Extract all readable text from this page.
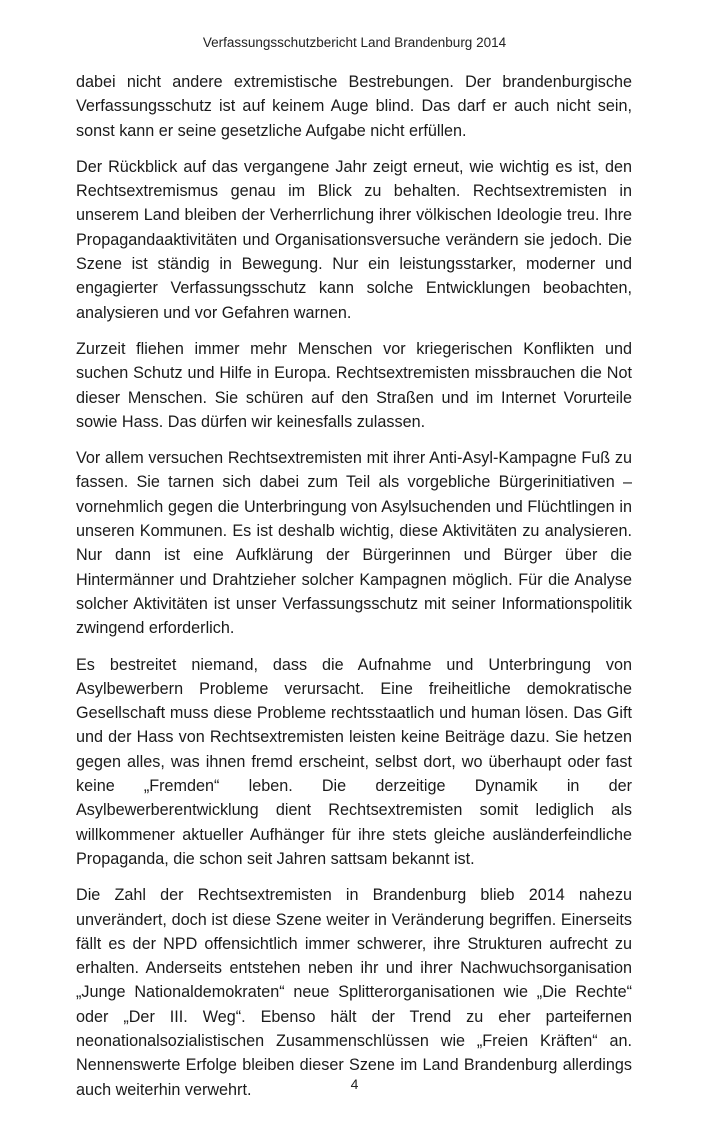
Verfassungsschutzbericht Land Brandenburg 2014

dabei nicht andere extremistische Bestrebungen. Der brandenburgische Verfassungsschutz ist auf keinem Auge blind. Das darf er auch nicht sein, sonst kann er seine gesetzliche Aufgabe nicht erfüllen.

Der Rückblick auf das vergangene Jahr zeigt erneut, wie wichtig es ist, den Rechtsextremismus genau im Blick zu behalten. Rechtsextremisten in unserem Land bleiben der Verherrlichung ihrer völkischen Ideologie treu. Ihre Propagandaaktivitäten und Organisationsversuche verändern sie jedoch. Die Szene ist ständig in Bewegung. Nur ein leistungsstarker, moderner und engagierter Verfassungsschutz kann solche Entwicklungen beobachten, analysieren und vor Gefahren warnen.

Zurzeit fliehen immer mehr Menschen vor kriegerischen Konflikten und suchen Schutz und Hilfe in Europa. Rechtsextremisten missbrauchen die Not dieser Menschen. Sie schüren auf den Straßen und im Internet Vorurteile sowie Hass. Das dürfen wir keinesfalls zulassen.

Vor allem versuchen Rechtsextremisten mit ihrer Anti-Asyl-Kampagne Fuß zu fassen. Sie tarnen sich dabei zum Teil als vorgebliche Bürgerinitiativen – vornehmlich gegen die Unterbringung von Asylsuchenden und Flüchtlingen in unseren Kommunen. Es ist deshalb wichtig, diese Aktivitäten zu analysieren. Nur dann ist eine Aufklärung der Bürgerinnen und Bürger über die Hintermänner und Drahtzieher solcher Kampagnen möglich. Für die Analyse solcher Aktivitäten ist unser Verfassungsschutz mit seiner Informationspolitik zwingend erforderlich.

Es bestreitet niemand, dass die Aufnahme und Unterbringung von Asylbewerbern Probleme verursacht. Eine freiheitliche demokratische Gesellschaft muss diese Probleme rechtsstaatlich und human lösen. Das Gift und der Hass von Rechtsextremisten leisten keine Beiträge dazu. Sie hetzen gegen alles, was ihnen fremd erscheint, selbst dort, wo überhaupt oder fast keine „Fremden“ leben. Die derzeitige Dynamik in der Asylbewerberentwicklung dient Rechtsextremisten somit lediglich als willkommener aktueller Aufhänger für ihre stets gleiche ausländerfeindliche Propaganda, die schon seit Jahren sattsam bekannt ist.

Die Zahl der Rechtsextremisten in Brandenburg blieb 2014 nahezu unverändert, doch ist diese Szene weiter in Veränderung begriffen. Einerseits fällt es der NPD offensichtlich immer schwerer, ihre Strukturen aufrecht zu erhalten. Anderseits entstehen neben ihr und ihrer Nachwuchsorganisation „Junge Nationaldemokraten“ neue Splitterorganisationen wie „Die Rechte“ oder „Der III. Weg“. Ebenso hält der Trend zu eher parteifernen neonationalsozialistischen Zusammenschlüssen wie „Freien Kräften“ an. Nennenswerte Erfolge bleiben dieser Szene im Land Brandenburg allerdings auch weiterhin verwehrt.	4
